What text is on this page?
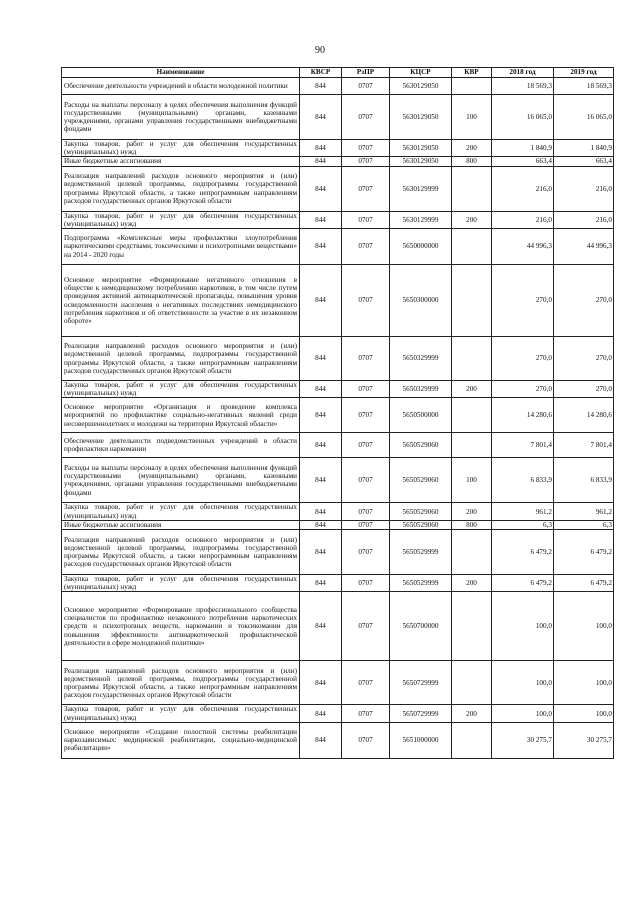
90
Наименование	КВСР	РзПР	КЦСР	КВР	2018 год	2019 год
Обеспечение деятельности учреждений в области молодежной политики	844	0707	5630129050		18 569,3	18 569,3
Расходы на выплаты персоналу в целях обеспечения выполнения функций государственными (муниципальными) органами, казенными учреждениями, органами управления государственными внебюджетными фондами	844	0707	5630129050	100	16 065,0	16 065,0
Закупка товаров, работ и услуг для обеспечения государственных (муниципальных) нужд	844	0707	5630129050	200	1 840,9	1 840,9
Иные бюджетные ассигнования	844	0707	5630129050	800	663,4	663,4
Реализация направлений расходов основного мероприятия и (или) ведомственной целевой программы, подпрограммы государственной программы Иркутской области, а также непрограммным направлениям расходов государственных органов Иркутской области	844	0707	5630129999		216,0	216,0
Закупка товаров, работ и услуг для обеспечения государственных (муниципальных) нужд	844	0707	5630129999	200	216,0	216,0
Подпрограмма «Комплексные меры профилактики злоупотребления наркотическими средствами, токсическими и психотропными веществами» на 2014 - 2020 годы	844	0707	5650000000		44 996,3	44 996,3
Основное мероприятие «Формирование негативного отношения в обществе к немедицинскому потреблению наркотиков, в том числе путем проведения активной антинаркотической пропаганды, повышения уровня осведомленности населения о негативных последствиях немедицинского потребления наркотиков и об ответственности за участие в их незаконном обороте»	844	0707	5650300000		270,0	270,0
Реализация направлений расходов основного мероприятия и (или) ведомственной целевой программы, подпрограммы государственной программы Иркутской области, а также непрограммным направлениям расходов государственных органов Иркутской области	844	0707	5650329999		270,0	270,0
Закупка товаров, работ и услуг для обеспечения государственных (муниципальных) нужд	844	0707	5650329999	200	270,0	270,0
Основное мероприятие «Организация и проведение комплекса мероприятий по профилактике социально-негативных явлений среди несовершеннолетних и молодежи на территории Иркутской области»	844	0707	5650500000		14 280,6	14 280,6
Обеспечение деятельности подведомственных учреждений в области профилактики наркомании	844	0707	5650529060		7 801,4	7 801,4
Расходы на выплаты персоналу в целях обеспечения выполнения функций государственными (муниципальными) органами, казенными учреждениями, органами управления государственными внебюджетными фондами	844	0707	5650529060	100	6 833,9	6 833,9
Закупка товаров, работ и услуг для обеспечения государственных (муниципальных) нужд	844	0707	5650529060	200	961,2	961,2
Иные бюджетные ассигнования	844	0707	5650529060	800	6,3	6,3
Реализация направлений расходов основного мероприятия и (или) ведомственной целевой программы, подпрограммы государственной программы Иркутской области, а также непрограммным направлениям расходов государственных органов Иркутской области	844	0707	5650529999		6 479,2	6 479,2
Закупка товаров, работ и услуг для обеспечения государственных (муниципальных) нужд	844	0707	5650529999	200	6 479,2	6 479,2
Основное мероприятие «Формирование профессионального сообщества специалистов по профилактике незаконного потребления наркотических средств и психотропных веществ, наркомании и токсикомании для повышения эффективности антинаркотической профилактической деятельности в сфере молодежной политики»	844	0707	5650700000		100,0	100,0
Реализация направлений расходов основного мероприятия и (или) ведомственной целевой программы, подпрограммы государственной программы Иркутской области, а также непрограммным направлениям расходов государственных органов Иркутской области	844	0707	5650729999		100,0	100,0
Закупка товаров, работ и услуг для обеспечения государственных (муниципальных) нужд	844	0707	5650729999	200	100,0	100,0
Основное мероприятие «Создание полостной системы реабилитации наркозависимых: медицинской реабилитации, социально-медицинской реабилитации»	844	0707	5651000000		30 275,7	30 275,7
